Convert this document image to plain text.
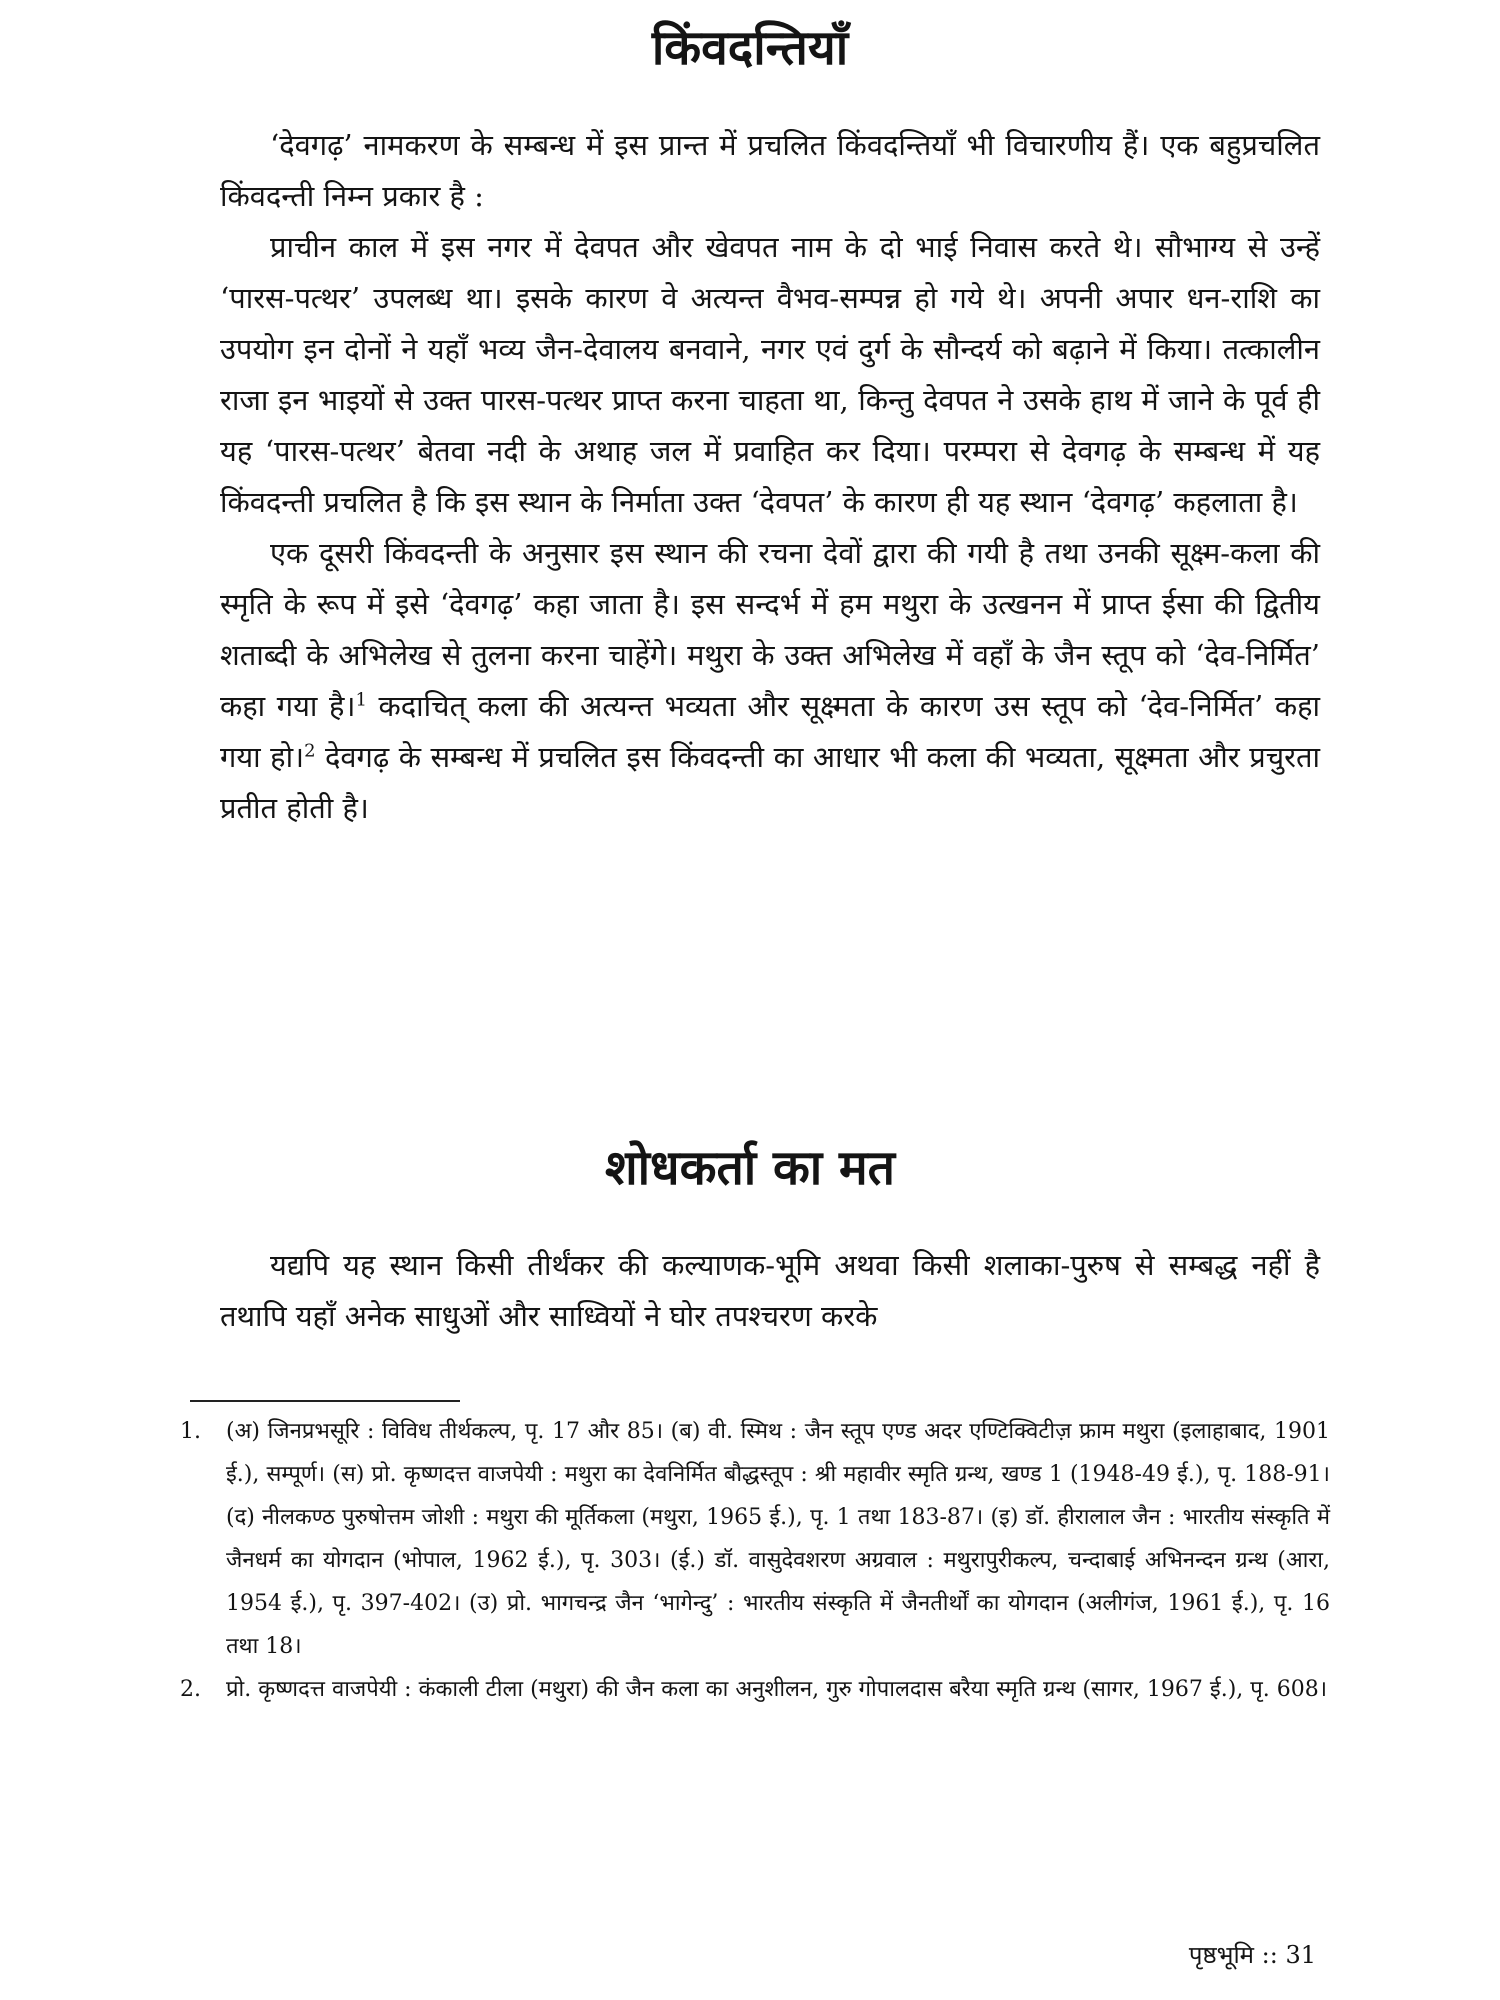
किंवदन्तियाँ

‘देवगढ़’ नामकरण के सम्बन्ध में इस प्रान्त में प्रचलित किंवदन्तियाँ भी विचारणीय हैं। एक बहुप्रचलित किंवदन्ती निम्न प्रकार है :

प्राचीन काल में इस नगर में देवपत और खेवपत नाम के दो भाई निवास करते थे। सौभाग्य से उन्हें ‘पारस-पत्थर’ उपलब्ध था। इसके कारण वे अत्यन्त वैभव-सम्पन्न हो गये थे। अपनी अपार धन-राशि का उपयोग इन दोनों ने यहाँ भव्य जैन-देवालय बनवाने, नगर एवं दुर्ग के सौन्दर्य को बढ़ाने में किया। तत्कालीन राजा इन भाइयों से उक्त पारस-पत्थर प्राप्त करना चाहता था, किन्तु देवपत ने उसके हाथ में जाने के पूर्व ही यह ‘पारस-पत्थर’ बेतवा नदी के अथाह जल में प्रवाहित कर दिया। परम्परा से देवगढ़ के सम्बन्ध में यह किंवदन्ती प्रचलित है कि इस स्थान के निर्माता उक्त ‘देवपत’ के कारण ही यह स्थान ‘देवगढ़’ कहलाता है।

एक दूसरी किंवदन्ती के अनुसार इस स्थान की रचना देवों द्वारा की गयी है तथा उनकी सूक्ष्म-कला की स्मृति के रूप में इसे ‘देवगढ़’ कहा जाता है। इस सन्दर्भ में हम मथुरा के उत्खनन में प्राप्त ईसा की द्वितीय शताब्दी के अभिलेख से तुलना करना चाहेंगे। मथुरा के उक्त अभिलेख में वहाँ के जैन स्तूप को ‘देव-निर्मित’ कहा गया है।$^1$ कदाचित् कला की अत्यन्त भव्यता और सूक्ष्मता के कारण उस स्तूप को ‘देव-निर्मित’ कहा गया हो।$^2$ देवगढ़ के सम्बन्ध में प्रचलित इस किंवदन्ती का आधार भी कला की भव्यता, सूक्ष्मता और प्रचुरता प्रतीत होती है।

शोधकर्ता का मत

यद्यपि यह स्थान किसी तीर्थंकर की कल्याणक-भूमि अथवा किसी शलाका-पुरुष से सम्बद्ध नहीं है तथापि यहाँ अनेक साधुओं और साध्वियों ने घोर तपश्चरण करके

1. (अ) जिनप्रभसूरि : विविध तीर्थकल्प, पृ. 17 और 85। (ब) वी. स्मिथ : जैन स्तूप एण्ड अदर एण्टिक्विटीज़ फ्राम मथुरा (इलाहाबाद, 1901 ई.), सम्पूर्ण। (स) प्रो. कृष्णदत्त वाजपेयी : मथुरा का देवनिर्मित बौद्धस्तूप : श्री महावीर स्मृति ग्रन्थ, खण्ड 1 (1948-49 ई.), पृ. 188-91। (द) नीलकण्ठ पुरुषोत्तम जोशी : मथुरा की मूर्तिकला (मथुरा, 1965 ई.), पृ. 1 तथा 183-87। (इ) डॉ. हीरालाल जैन : भारतीय संस्कृति में जैनधर्म का योगदान (भोपाल, 1962 ई.), पृ. 303। (ई.) डॉ. वासुदेवशरण अग्रवाल : मथुरापुरीकल्प, चन्दाबाई अभिनन्दन ग्रन्थ (आरा, 1954 ई.), पृ. 397-402। (उ) प्रो. भागचन्द्र जैन ‘भागेन्दु’ : भारतीय संस्कृति में जैनतीर्थों का योगदान (अलीगंज, 1961 ई.), पृ. 16 तथा 18।
2. प्रो. कृष्णदत्त वाजपेयी : कंकाली टीला (मथुरा) की जैन कला का अनुशीलन, गुरु गोपालदास बरैया स्मृति ग्रन्थ (सागर, 1967 ई.), पृ. 608।
पृष्ठभूमि :: 31
